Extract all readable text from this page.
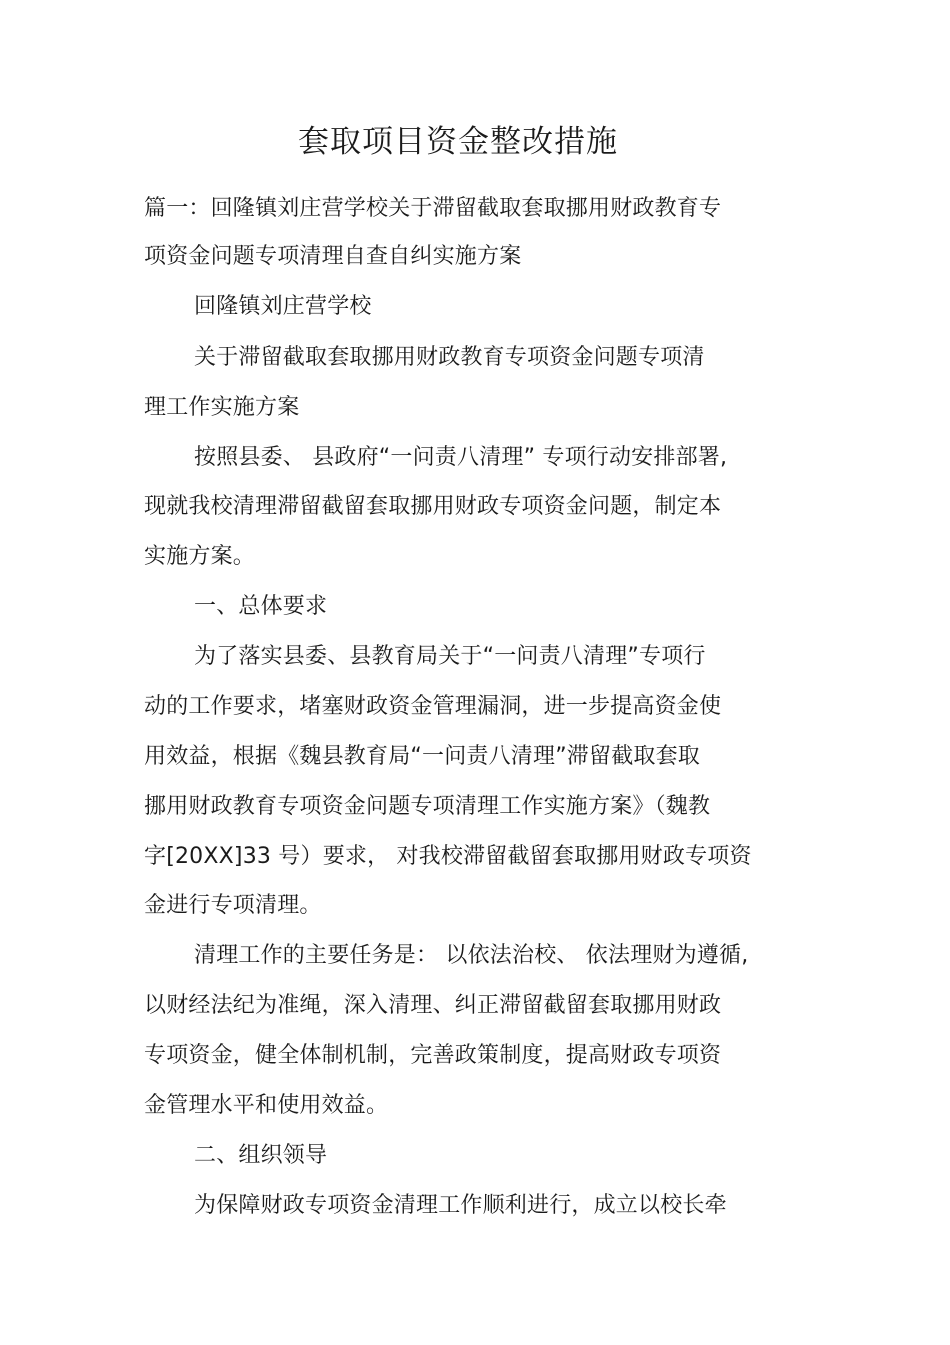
套取项目资金整改措施
篇一：回隆镇刘庄营学校关于滞留截取套取挪用财政教育专
项资金问题专项清理自查自纠实施方案
回隆镇刘庄营学校
关于滞留截取套取挪用财政教育专项资金问题专项清
理工作实施方案
按照县委、 县政府“一问责八清理” 专项行动安排部署,
现就我校清理滞留截留套取挪用财政专项资金问题，制定本
实施方案。
一、总体要求
为了落实县委、县教育局关于“一问责八清理”专项行
动的工作要求，堵塞财政资金管理漏洞，进一步提高资金使
用效益，根据《魏县教育局“一问责八清理”滞留截取套取
挪用财政教育专项资金问题专项清理工作实施方案》（魏教
字[20XX]33 号）要求， 对我校滞留截留套取挪用财政专项资
金进行专项清理。
清理工作的主要任务是： 以依法治校、 依法理财为遵循,
以财经法纪为准绳，深入清理、纠正滞留截留套取挪用财政
专项资金，健全体制机制，完善政策制度，提高财政专项资
金管理水平和使用效益。
二、组织领导
为保障财政专项资金清理工作顺利进行，成立以校长牵
